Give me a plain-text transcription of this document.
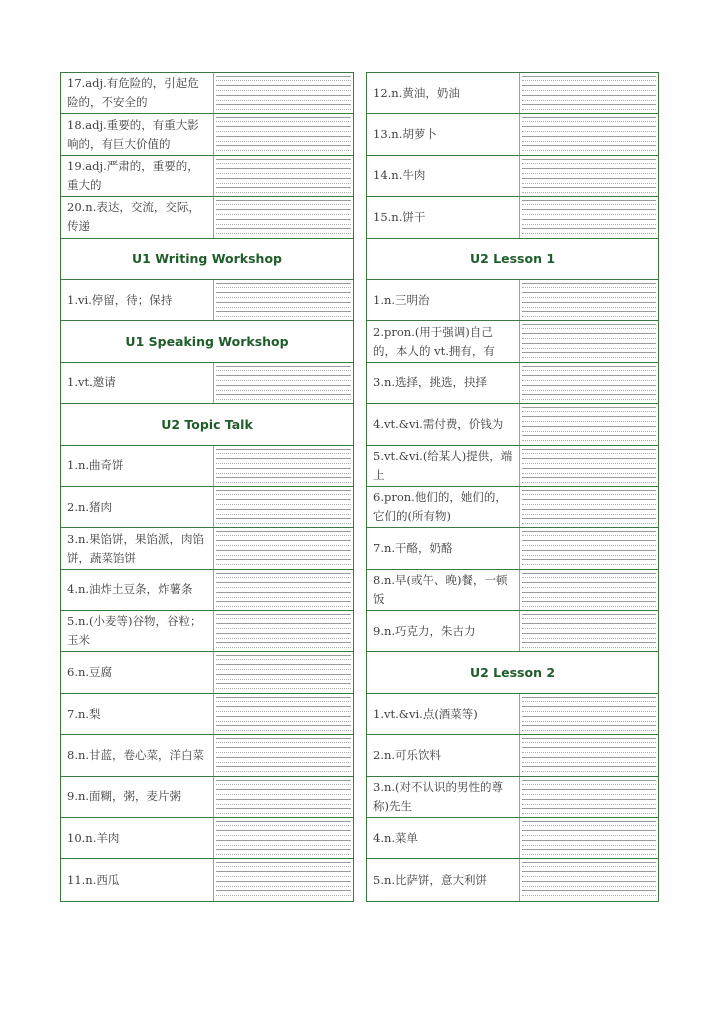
17.adj.有危险的，引起危险的，不安全的
18.adj.重要的，有重大影响的，有巨大价值的
19.adj.严肃的，重要的，重大的
20.n.表达，交流，交际，传递
U1 Writing Workshop
1.vi.停留，待；保持
U1 Speaking Workshop
1.vt.邀请
U2 Topic Talk
1.n.曲奇饼
2.n.猪肉
3.n.果馅饼，果馅派，肉馅饼，蔬菜馅饼
4.n.油炸土豆条，炸薯条
5.n.(小麦等)谷物，谷粒；玉米
6.n.豆腐
7.n.梨
8.n.甘蓝，卷心菜，洋白菜
9.n.面糊，粥，麦片粥
10.n.羊肉
11.n.西瓜
12.n.黄油，奶油
13.n.胡萝卜
14.n.牛肉
15.n.饼干
U2 Lesson 1
1.n.三明治
2.pron.(用于强调)自己的，本人的 vt.拥有，有
3.n.选择，挑选，抉择
4.vt.&vi.需付费，价钱为
5.vt.&vi.(给某人)提供，端上
6.pron.他们的，她们的，它们的(所有物)
7.n.干酪，奶酪
8.n.早(或午、晚)餐，一顿饭
9.n.巧克力，朱古力
U2 Lesson 2
1.vt.&vi.点(酒菜等)
2.n.可乐饮料
3.n.(对不认识的男性的尊称)先生
4.n.菜单
5.n.比萨饼，意大利饼
